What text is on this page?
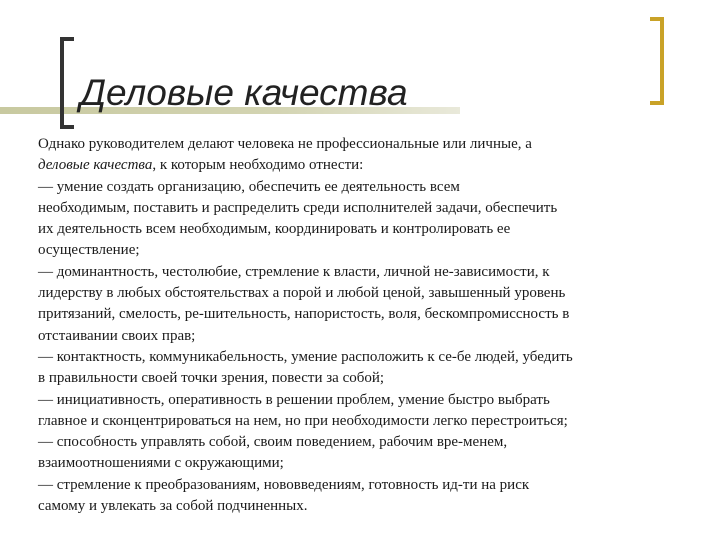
Деловые качества
Однако руководителем делают человека не профессиональные или личные, а
деловые качества, к которым необходимо отнести:
— умение создать организацию, обеспечить ее деятельность всем
необходимым, поставить и распределить среди исполнителей задачи, обеспечить
их деятельность всем необходимым, координировать и контролировать ее
осуществление;
— доминантность, честолюбие, стремление к власти, личной не-зависимости, к
лидерству в любых обстоятельствах а порой и любой ценой, завышенный уровень
притязаний, смелость, ре-шительность, напористость, воля, бескомпромиссность в
отстаивании своих прав;
— контактность, коммуникабельность, умение расположить к се-бе людей, убедить
в правильности своей точки зрения, повести за собой;
— инициативность, оперативность в решении проблем, умение быстро выбрать
главное и сконцентрироваться на нем, но при необходимости легко перестроиться;
— способность управлять собой, своим поведением, рабочим вре-менем,
взаимоотношениями с окружающими;
— стремление к преобразованиям, нововведениям, готовность ид-ти на риск
самому и увлекать за собой подчиненных.
